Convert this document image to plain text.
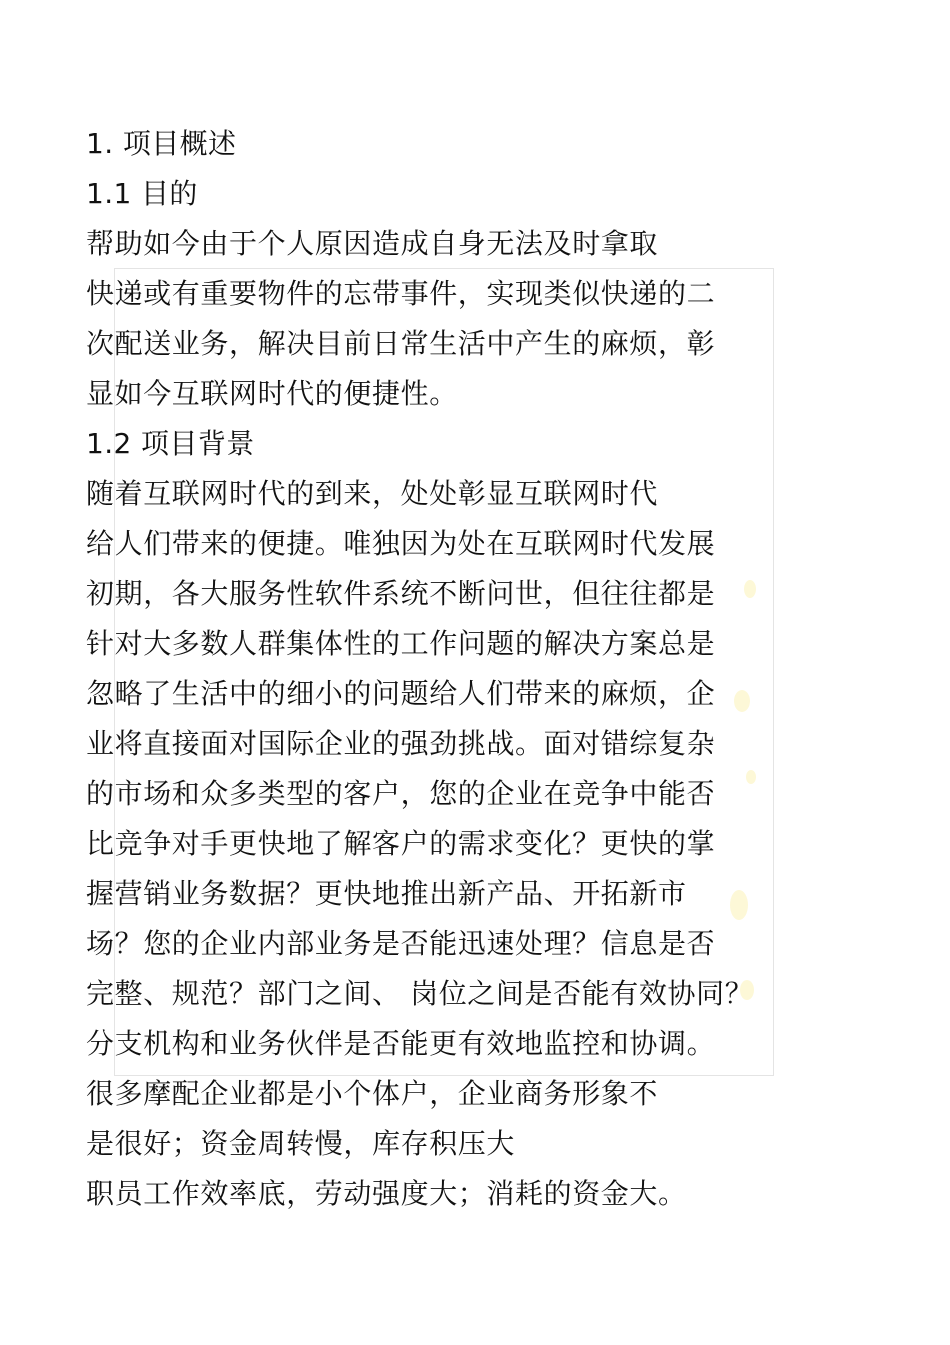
1. 项目概述
1.1 目的
帮助如今由于个人原因造成自身无法及时拿取
快递或有重要物件的忘带事件，实现类似快递的二
次配送业务，解决目前日常生活中产生的麻烦，彰
显如今互联网时代的便捷性。
1.2 项目背景
随着互联网时代的到来，处处彰显互联网时代
给人们带来的便捷。唯独因为处在互联网时代发展
初期，各大服务性软件系统不断问世，但往往都是
针对大多数人群集体性的工作问题的解决方案总是
忽略了生活中的细小的问题给人们带来的麻烦，企
业将直接面对国际企业的强劲挑战。面对错综复杂
的市场和众多类型的客户，您的企业在竞争中能否
比竞争对手更快地了解客户的需求变化？更快的掌
握营销业务数据？更快地推出新产品、开拓新市
场？您的企业内部业务是否能迅速处理？信息是否
完整、规范？部门之间、 岗位之间是否能有效协同？
分支机构和业务伙伴是否能更有效地监控和协调。
很多摩配企业都是小个体户，企业商务形象不
是很好；资金周转慢，库存积压大
职员工作效率底，劳动强度大；消耗的资金大。
